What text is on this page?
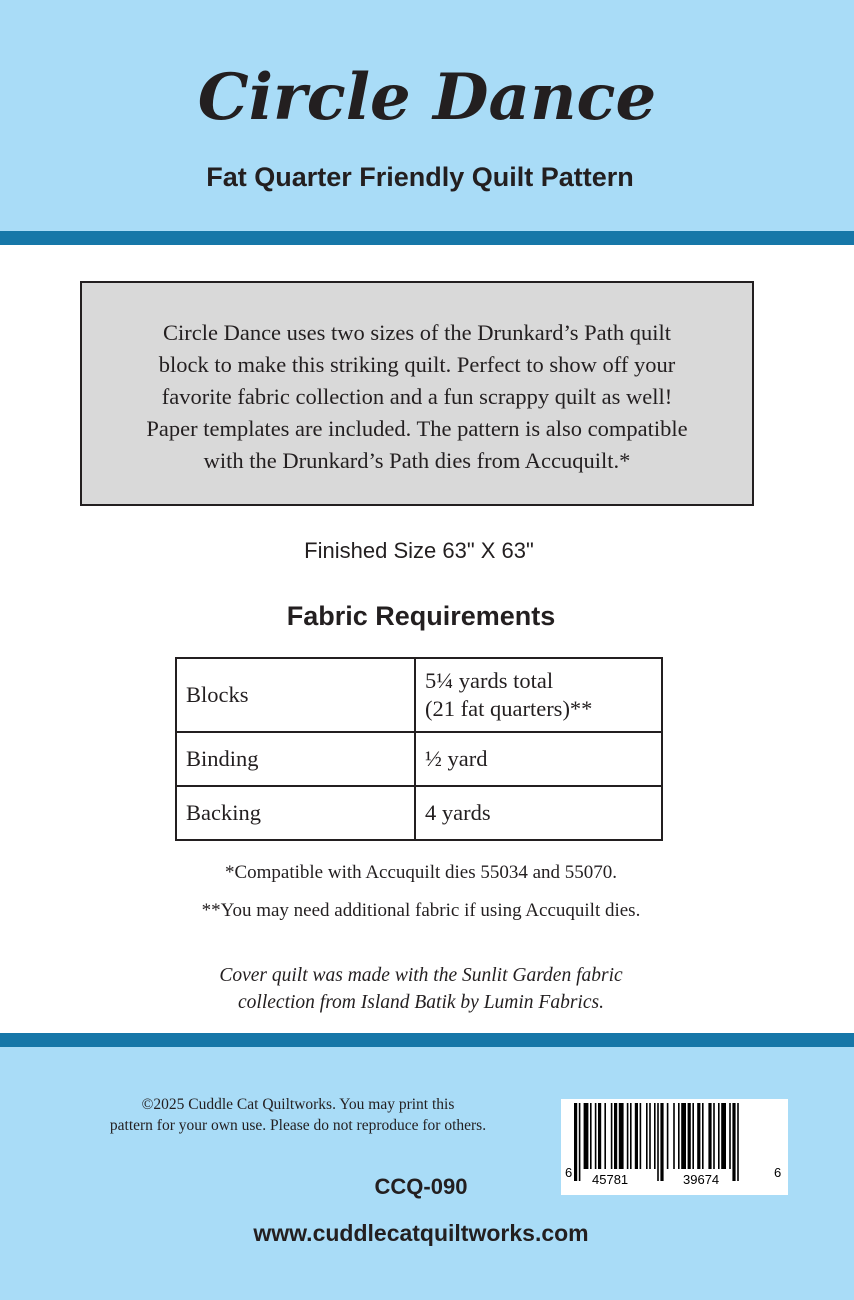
Circle Dance
Fat Quarter Friendly Quilt Pattern
Circle Dance uses two sizes of the Drunkard’s Path quilt
block to make this striking quilt. Perfect to show off your
favorite fabric collection and a fun scrappy quilt as well!
Paper templates are included. The pattern is also compatible
with the Drunkard’s Path dies from Accuquilt.*
Finished Size 63" X 63"
Fabric Requirements
Blocks	5¼ yards total
(21 fat quarters)**

Binding	½ yard
Backing	4 yards
*Compatible with Accuquilt dies 55034 and 55070.
**You may need additional fabric if using Accuquilt dies.
Cover quilt was made with the Sunlit Garden fabric
collection from Island Batik by Lumin Fabrics.
©2025 Cuddle Cat Quiltworks. You may print this
pattern for your own use. Please do not reproduce for others.
6 45781	39674	6
CCQ-090
www.cuddlecatquiltworks.com
